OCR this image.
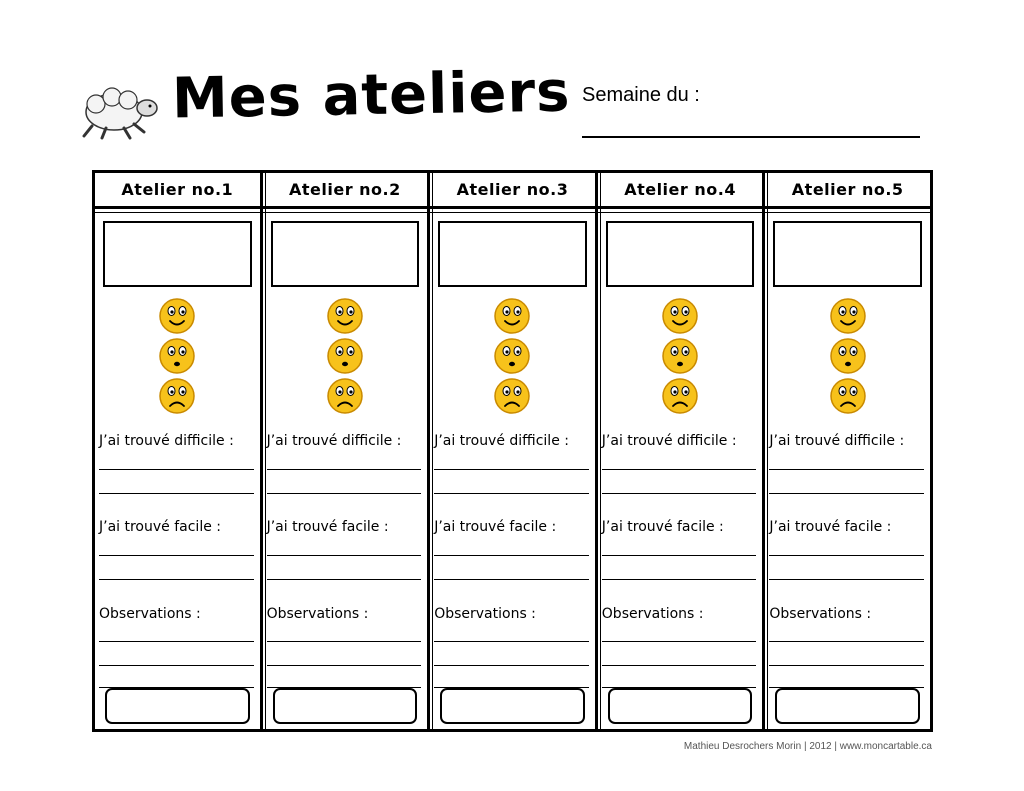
Mes ateliers Semaine du :
Atelier no.1
J’ai trouvé difficile :
J’ai trouvé facile :
Observations :
Atelier no.2
J’ai trouvé difficile :
J’ai trouvé facile :
Observations :
Atelier no.3
J’ai trouvé difficile :
J’ai trouvé facile :
Observations :
Atelier no.4
J’ai trouvé difficile :
J’ai trouvé facile :
Observations :
Atelier no.5
J’ai trouvé difficile :
J’ai trouvé facile :
Observations :
Mathieu Desrochers Morin | 2012 | www.moncartable.ca
